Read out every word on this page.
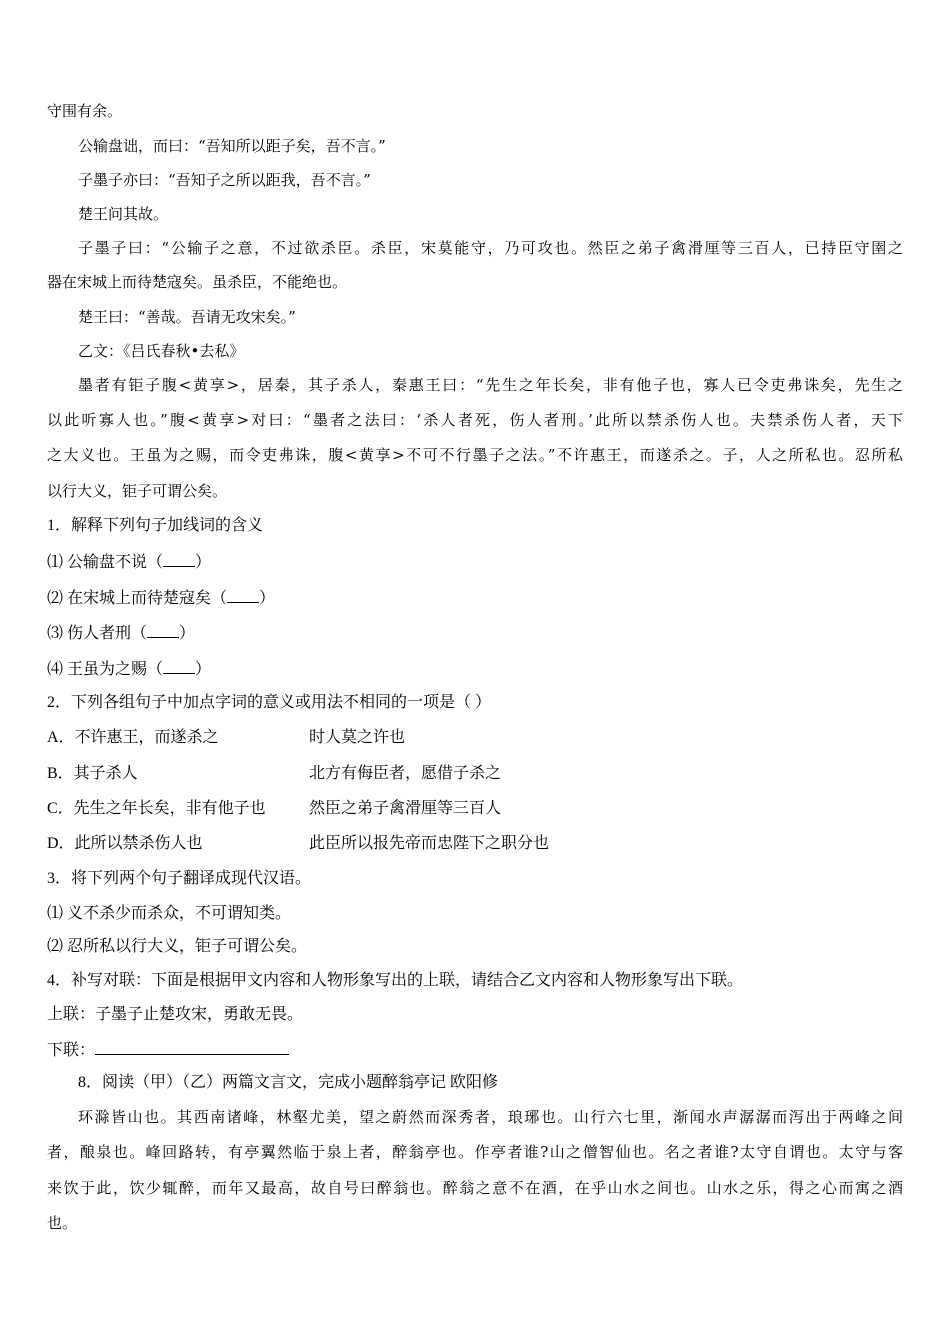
守围有余。
公输盘诎，而曰：“吾知所以距子矣，吾不言。”
子墨子亦曰：“吾知子之所以距我，吾不言。”
楚王问其故。
子墨子曰：“公输子之意，不过欲杀臣。杀臣，宋莫能守，乃可攻也。然臣之弟子禽滑厘等三百人，已持臣守圉之
器在宋城上而待楚寇矣。虽杀臣，不能绝也。
楚王曰：“善哉。吾请无攻宋矣。”
乙文：《吕氏春秋•去私》
墨者有钜子腹<黄享>，居秦，其子杀人，秦惠王曰：“先生之年长矣，非有他子也，寡人已令吏弗诛矣，先生之
以此听寡人也。”腹<黄享>对曰：“墨者之法曰：‘杀人者死，伤人者刑。’此所以禁杀伤人也。夫禁杀伤人者，天下
之大义也。王虽为之赐，而令吏弗诛，腹<黄享>不可不行墨子之法。”不许惠王，而遂杀之。子，人之所私也。忍所私
以行大义，钜子可谓公矣。
1．解释下列句子加线词的含义
⑴ 公输盘不说（ ）
⑵ 在宋城上而待楚寇矣（ ）
⑶ 伤人者刑（ ）
⑷ 王虽为之赐（ ）
2．下列各组句子中加点字词的意义或用法不相同的一项是（ ）
A．不许惠王，而遂杀之	时人莫之许也
B．其子杀人	北方有侮臣者，愿借子杀之
C．先生之年长矣，非有他子也	然臣之弟子禽滑厘等三百人
D．此所以禁杀伤人也	此臣所以报先帝而忠陛下之职分也
3．将下列两个句子翻译成现代汉语。
⑴ 义不杀少而杀众，不可谓知类。
⑵ 忍所私以行大义，钜子可谓公矣。
4．补写对联：下面是根据甲文内容和人物形象写出的上联，请结合乙文内容和人物形象写出下联。
上联：子墨子止楚攻宋，勇敢无畏。
下联：
8．阅读（甲）（乙）两篇文言文，完成小题醉翁亭记 欧阳修
环滁皆山也。其西南诸峰，林壑尤美，望之蔚然而深秀者，琅琊也。山行六七里，渐闻水声潺潺而泻出于两峰之间
者，酿泉也。峰回路转，有亭翼然临于泉上者，醉翁亭也。作亭者谁?山之僧智仙也。名之者谁?太守自谓也。太守与客
来饮于此，饮少辄醉，而年又最高，故自号曰醉翁也。醉翁之意不在酒，在乎山水之间也。山水之乐，得之心而寓之酒
也。
